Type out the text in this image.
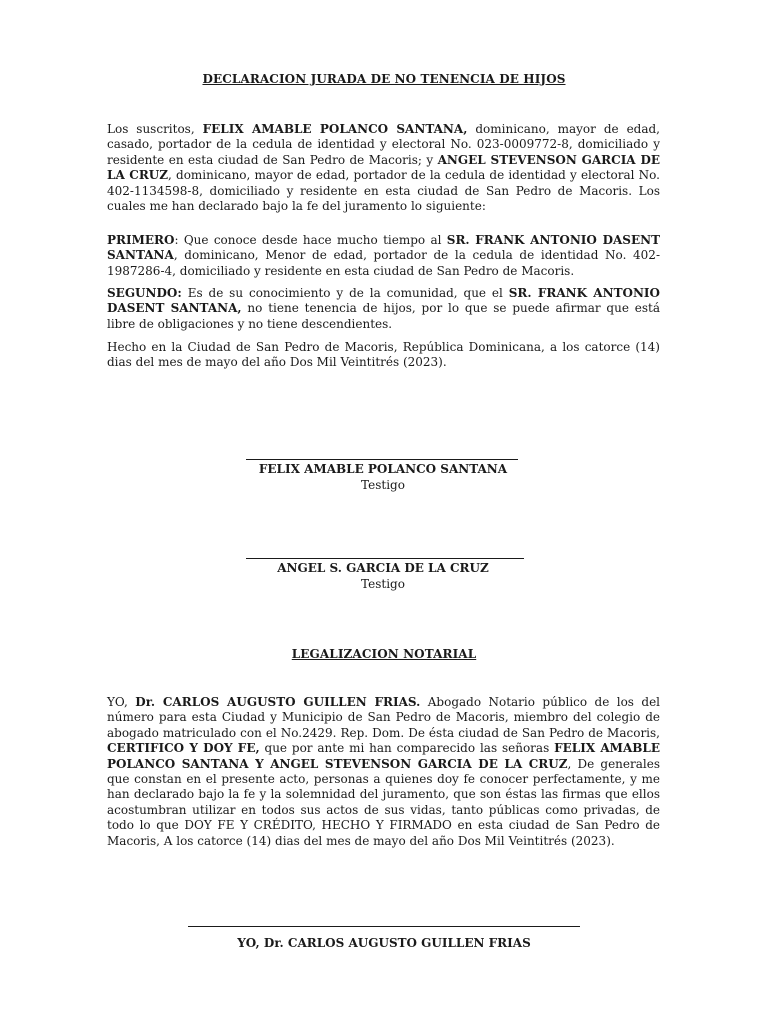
DECLARACION JURADA DE NO TENENCIA DE HIJOS

Los suscritos, FELIX AMABLE POLANCO SANTANA, dominicano, mayor de edad, casado, portador de la cedula de identidad y electoral No. 023-0009772-8, domiciliado y residente en esta ciudad de San Pedro de Macoris; y ANGEL STEVENSON GARCIA DE LA CRUZ, dominicano, mayor de edad, portador de la cedula de identidad y electoral No. 402-1134598-8, domiciliado y residente en esta ciudad de San Pedro de Macoris. Los cuales me han declarado bajo la fe del juramento lo siguiente:

PRIMERO: Que conoce desde hace mucho tiempo al SR. FRANK ANTONIO DASENT SANTANA, dominicano, Menor de edad, portador de la cedula de identidad No. 402-1987286-4, domiciliado y residente en esta ciudad de San Pedro de Macoris.

SEGUNDO: Es de su conocimiento y de la comunidad, que el SR. FRANK ANTONIO DASENT SANTANA, no tiene tenencia de hijos, por lo que se puede afirmar que está libre de obligaciones y no tiene descendientes.

Hecho en la Ciudad de San Pedro de Macoris, República Dominicana, a los catorce (14) dias del mes de mayo del año Dos Mil Veintitrés (2023).

FELIX AMABLE POLANCO SANTANA
Testigo
ANGEL S. GARCIA DE LA CRUZ
Testigo
LEGALIZACION NOTARIAL

YO, Dr. CARLOS AUGUSTO GUILLEN FRIAS. Abogado Notario público de los del número para esta Ciudad y Municipio de San Pedro de Macoris, miembro del colegio de abogado matriculado con el No.2429. Rep. Dom. De ésta ciudad de San Pedro de Macoris, CERTIFICO Y DOY FE, que por ante mi han comparecido las señoras FELIX AMABLE POLANCO SANTANA Y ANGEL STEVENSON GARCIA DE LA CRUZ, De generales que constan en el presente acto, personas a quienes doy fe conocer perfectamente, y me han declarado bajo la fe y la solemnidad del juramento, que son éstas las firmas que ellos acostumbran utilizar en todos sus actos de sus vidas, tanto públicas como privadas, de todo lo que DOY FE Y CRÉDITO, HECHO Y FIRMADO en esta ciudad de San Pedro de Macoris, A los catorce (14) dias del mes de mayo del año Dos Mil Veintitrés (2023).

YO, Dr. CARLOS AUGUSTO GUILLEN FRIAS
